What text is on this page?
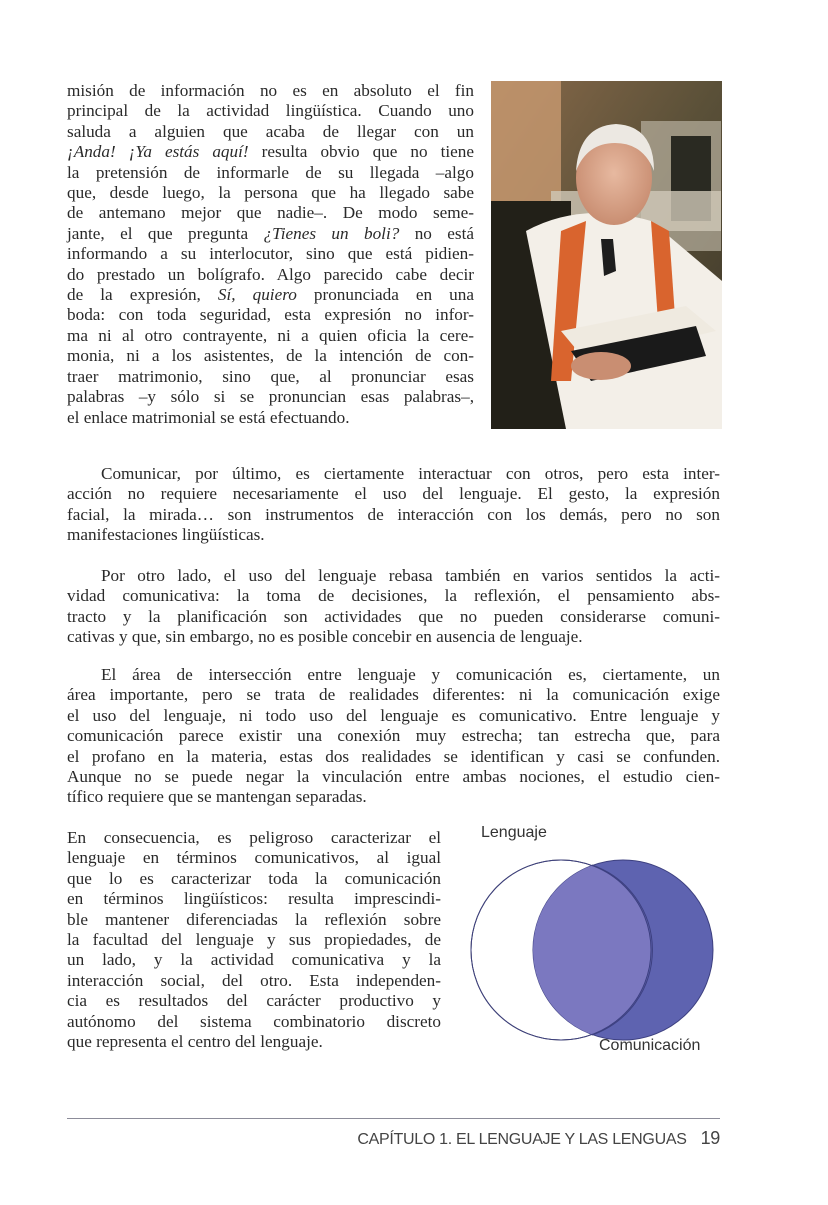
misión de información no es en absoluto el fin
principal de la actividad lingüística. Cuando uno
saluda a alguien que acaba de llegar con un
¡Anda! ¡Ya estás aquí! resulta obvio que no tiene
la pretensión de informarle de su llegada –algo
que, desde luego, la persona que ha llegado sabe
de antemano mejor que nadie–. De modo seme-
jante, el que pregunta ¿Tienes un boli? no está
informando a su interlocutor, sino que está pidien-
do prestado un bolígrafo. Algo parecido cabe decir
de la expresión, Sí, quiero pronunciada en una
boda: con toda seguridad, esta expresión no infor-
ma ni al otro contrayente, ni a quien oficia la cere-
monia, ni a los asistentes, de la intención de con-
traer matrimonio, sino que, al pronunciar esas
palabras –y sólo si se pronuncian esas palabras–,
el enlace matrimonial se está efectuando.
Comunicar, por último, es ciertamente interactuar con otros, pero esta inter-
acción no requiere necesariamente el uso del lenguaje. El gesto, la expresión
facial, la mirada… son instrumentos de interacción con los demás, pero no son
manifestaciones lingüísticas.
Por otro lado, el uso del lenguaje rebasa también en varios sentidos la acti-
vidad comunicativa: la toma de decisiones, la reflexión, el pensamiento abs-
tracto y la planificación son actividades que no pueden considerarse comuni-
cativas y que, sin embargo, no es posible concebir en ausencia de lenguaje.
El área de intersección entre lenguaje y comunicación es, ciertamente, un
área importante, pero se trata de realidades diferentes: ni la comunicación exige
el uso del lenguaje, ni todo uso del lenguaje es comunicativo. Entre lenguaje y
comunicación parece existir una conexión muy estrecha; tan estrecha que, para
el profano en la materia, estas dos realidades se identifican y casi se confunden.
Aunque no se puede negar la vinculación entre ambas nociones, el estudio cien-
tífico requiere que se mantengan separadas.
En consecuencia, es peligroso caracterizar el
lenguaje en términos comunicativos, al igual
que lo es caracterizar toda la comunicación
en términos lingüísticos: resulta imprescindi-
ble mantener diferenciadas la reflexión sobre
la facultad del lenguaje y sus propiedades, de
un lado, y la actividad comunicativa y la
interacción social, del otro. Esta independen-
cia es resultados del carácter productivo y
autónomo del sistema combinatorio discreto
que representa el centro del lenguaje.
Lenguaje
Comunicación
CAPÍTULO 1. EL LENGUAJE Y LAS LENGUAS 19
